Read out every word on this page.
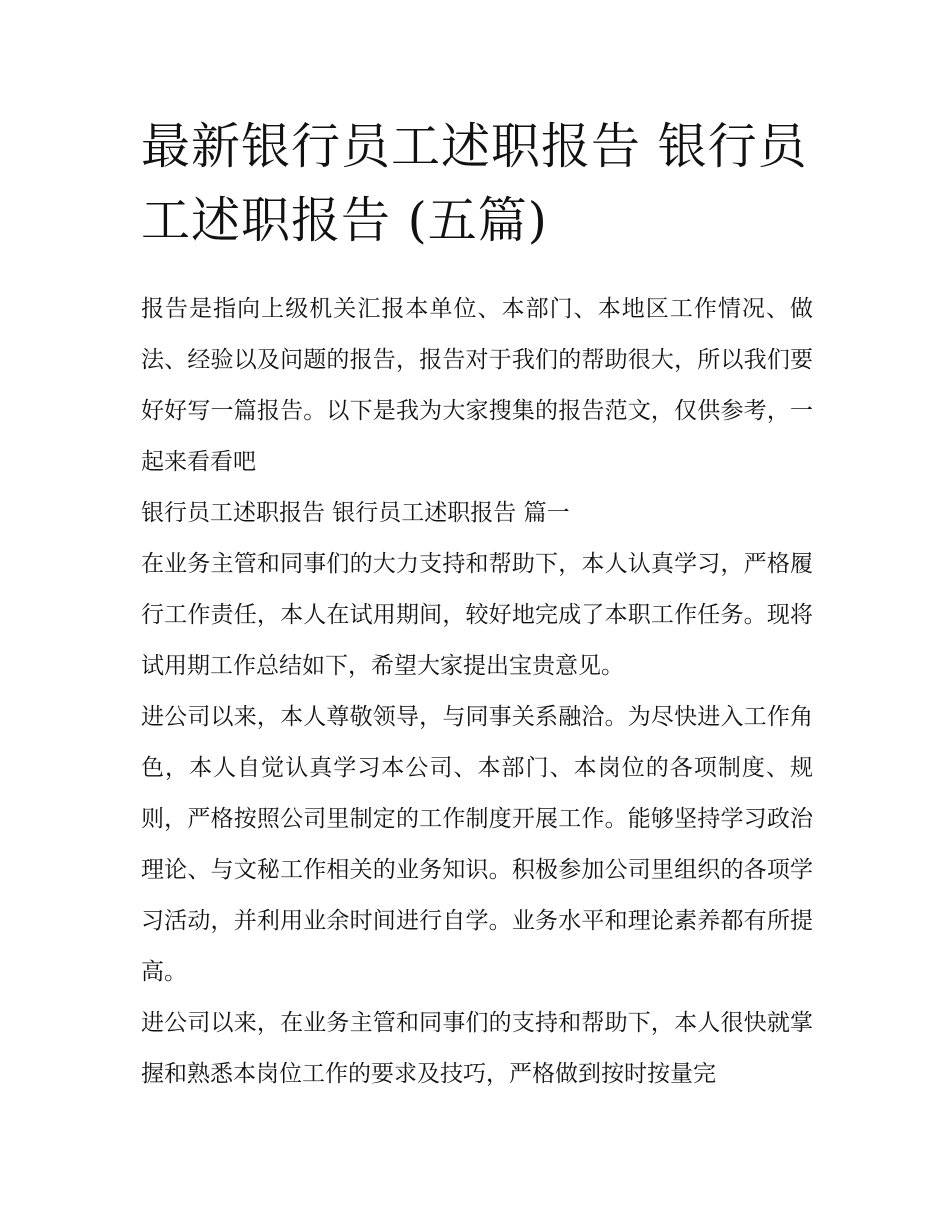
最新银行员工述职报告 银行员工述职报告 (五篇)

报告是指向上级机关汇报本单位、本部门、本地区工作情况、做法、经验以及问题的报告，报告对于我们的帮助很大，所以我们要好好写一篇报告。以下是我为大家搜集的报告范文，仅供参考，一起来看看吧

银行员工述职报告 银行员工述职报告 篇一

在业务主管和同事们的大力支持和帮助下，本人认真学习，严格履行工作责任，本人在试用期间，较好地完成了本职工作任务。现将试用期工作总结如下，希望大家提出宝贵意见。

进公司以来，本人尊敬领导，与同事关系融洽。为尽快进入工作角色，本人自觉认真学习本公司、本部门、本岗位的各项制度、规则，严格按照公司里制定的工作制度开展工作。能够坚持学习政治理论、与文秘工作相关的业务知识。积极参加公司里组织的各项学习活动，并利用业余时间进行自学。业务水平和理论素养都有所提高。

进公司以来，在业务主管和同事们的支持和帮助下，本人很快就掌握和熟悉本岗位工作的要求及技巧，严格做到按时按量完
